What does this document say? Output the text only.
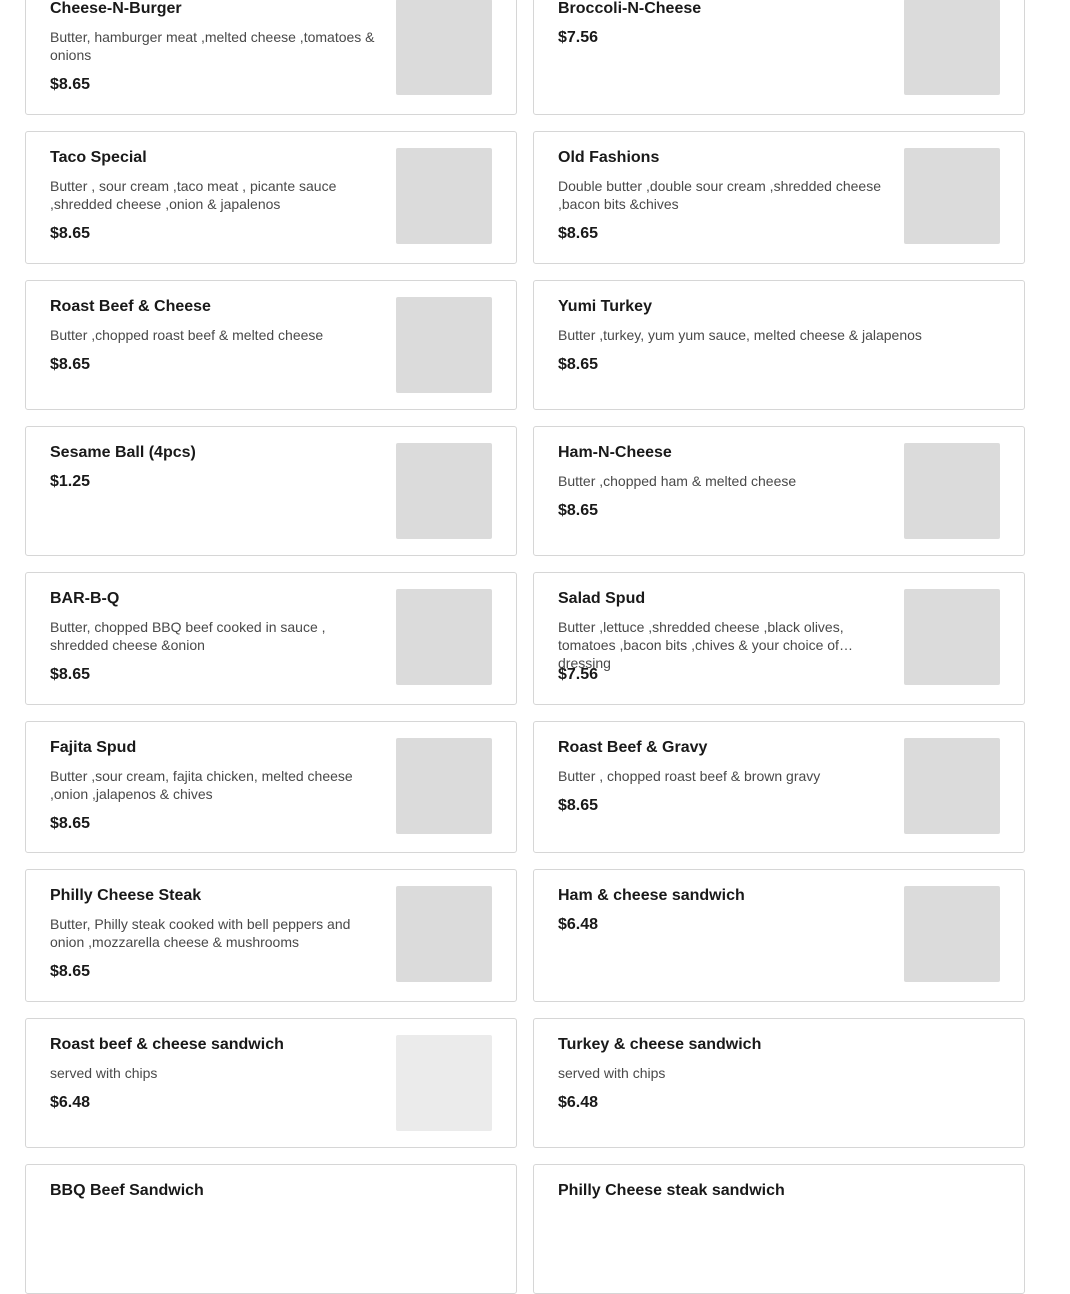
Cheese-N-Burger
Butter, hamburger meat ,melted cheese ,tomatoes & onions
$8.65
Broccoli-N-Cheese
$7.56
Taco Special
Butter , sour cream ,taco meat , picante sauce ,shredded cheese ,onion & japalenos
$8.65
Old Fashions
Double butter ,double sour cream ,shredded cheese ,bacon bits &chives
$8.65
Roast Beef & Cheese
Butter ,chopped roast beef & melted cheese
$8.65
Yumi Turkey
Butter ,turkey, yum yum sauce, melted cheese & jalapenos
$8.65
Sesame Ball (4pcs)
$1.25
Ham-N-Cheese
Butter ,chopped ham & melted cheese
$8.65
BAR-B-Q
Butter, chopped BBQ beef cooked in sauce , shredded cheese &onion
$8.65
Salad Spud
Butter ,lettuce ,shredded cheese ,black olives, tomatoes ,bacon bits ,chives & your choice of dressing
$7.56
Fajita Spud
Butter ,sour cream, fajita chicken, melted cheese ,onion ,jalapenos & chives
$8.65
Roast Beef & Gravy
Butter , chopped roast beef & brown gravy
$8.65
Philly Cheese Steak
Butter, Philly steak cooked with bell peppers and onion ,mozzarella cheese & mushrooms
$8.65
Ham & cheese sandwich
$6.48
Roast beef & cheese sandwich
served with chips
$6.48
Turkey & cheese sandwich
served with chips
$6.48
BBQ Beef Sandwich	Philly Cheese steak sandwich
